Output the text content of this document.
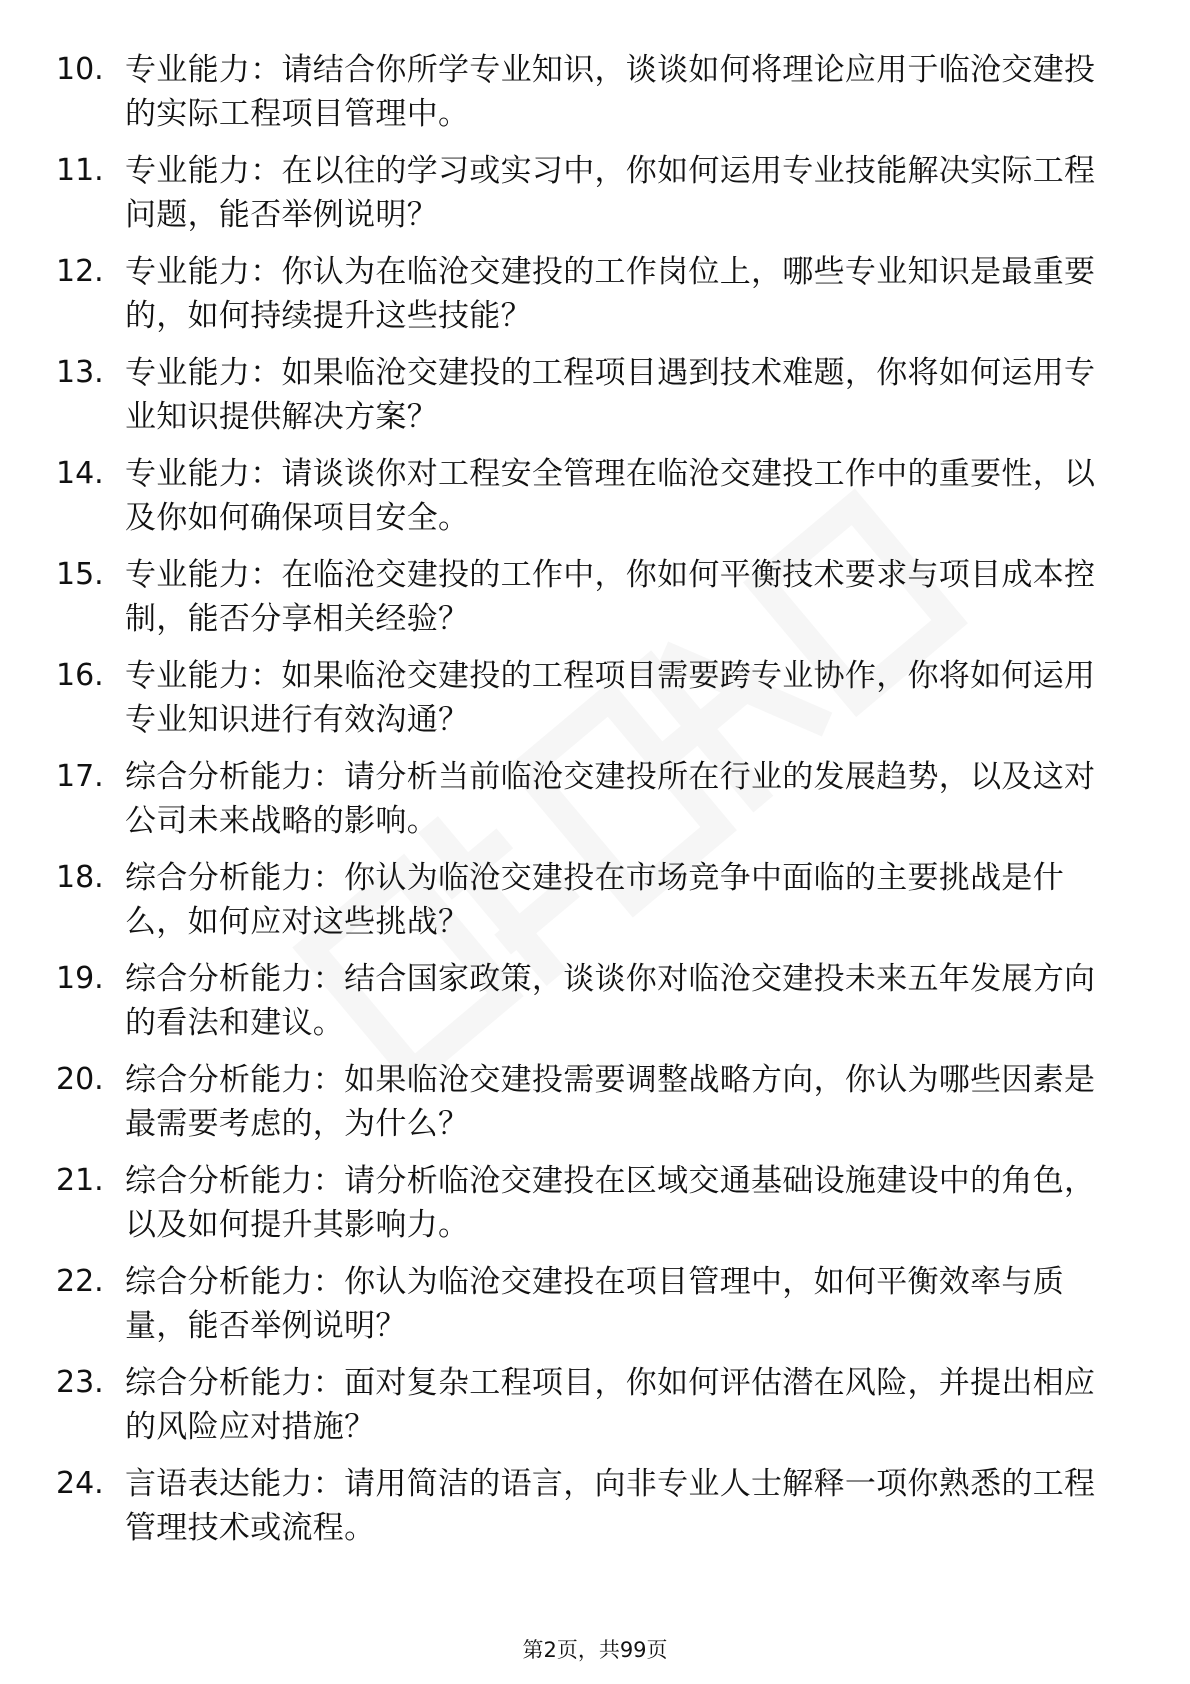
10. 专业能力：请结合你所学专业知识，谈谈如何将理论应用于临沧交建投的实际工程项目管理中。
11. 专业能力：在以往的学习或实习中，你如何运用专业技能解决实际工程问题，能否举例说明？
12. 专业能力：你认为在临沧交建投的工作岗位上，哪些专业知识是最重要的，如何持续提升这些技能？
13. 专业能力：如果临沧交建投的工程项目遇到技术难题，你将如何运用专业知识提供解决方案？
14. 专业能力：请谈谈你对工程安全管理在临沧交建投工作中的重要性，以及你如何确保项目安全。
15. 专业能力：在临沧交建投的工作中，你如何平衡技术要求与项目成本控制，能否分享相关经验？
16. 专业能力：如果临沧交建投的工程项目需要跨专业协作，你将如何运用专业知识进行有效沟通？
17. 综合分析能力：请分析当前临沧交建投所在行业的发展趋势，以及这对公司未来战略的影响。
18. 综合分析能力：你认为临沧交建投在市场竞争中面临的主要挑战是什么，如何应对这些挑战？
19. 综合分析能力：结合国家政策，谈谈你对临沧交建投未来五年发展方向的看法和建议。
20. 综合分析能力：如果临沧交建投需要调整战略方向，你认为哪些因素是最需要考虑的，为什么？
21. 综合分析能力：请分析临沧交建投在区域交通基础设施建设中的角色，以及如何提升其影响力。
22. 综合分析能力：你认为临沧交建投在项目管理中，如何平衡效率与质量，能否举例说明？
23. 综合分析能力：面对复杂工程项目，你如何评估潜在风险，并提出相应的风险应对措施？
24. 言语表达能力：请用简洁的语言，向非专业人士解释一项你熟悉的工程管理技术或流程。
第2页，共99页
